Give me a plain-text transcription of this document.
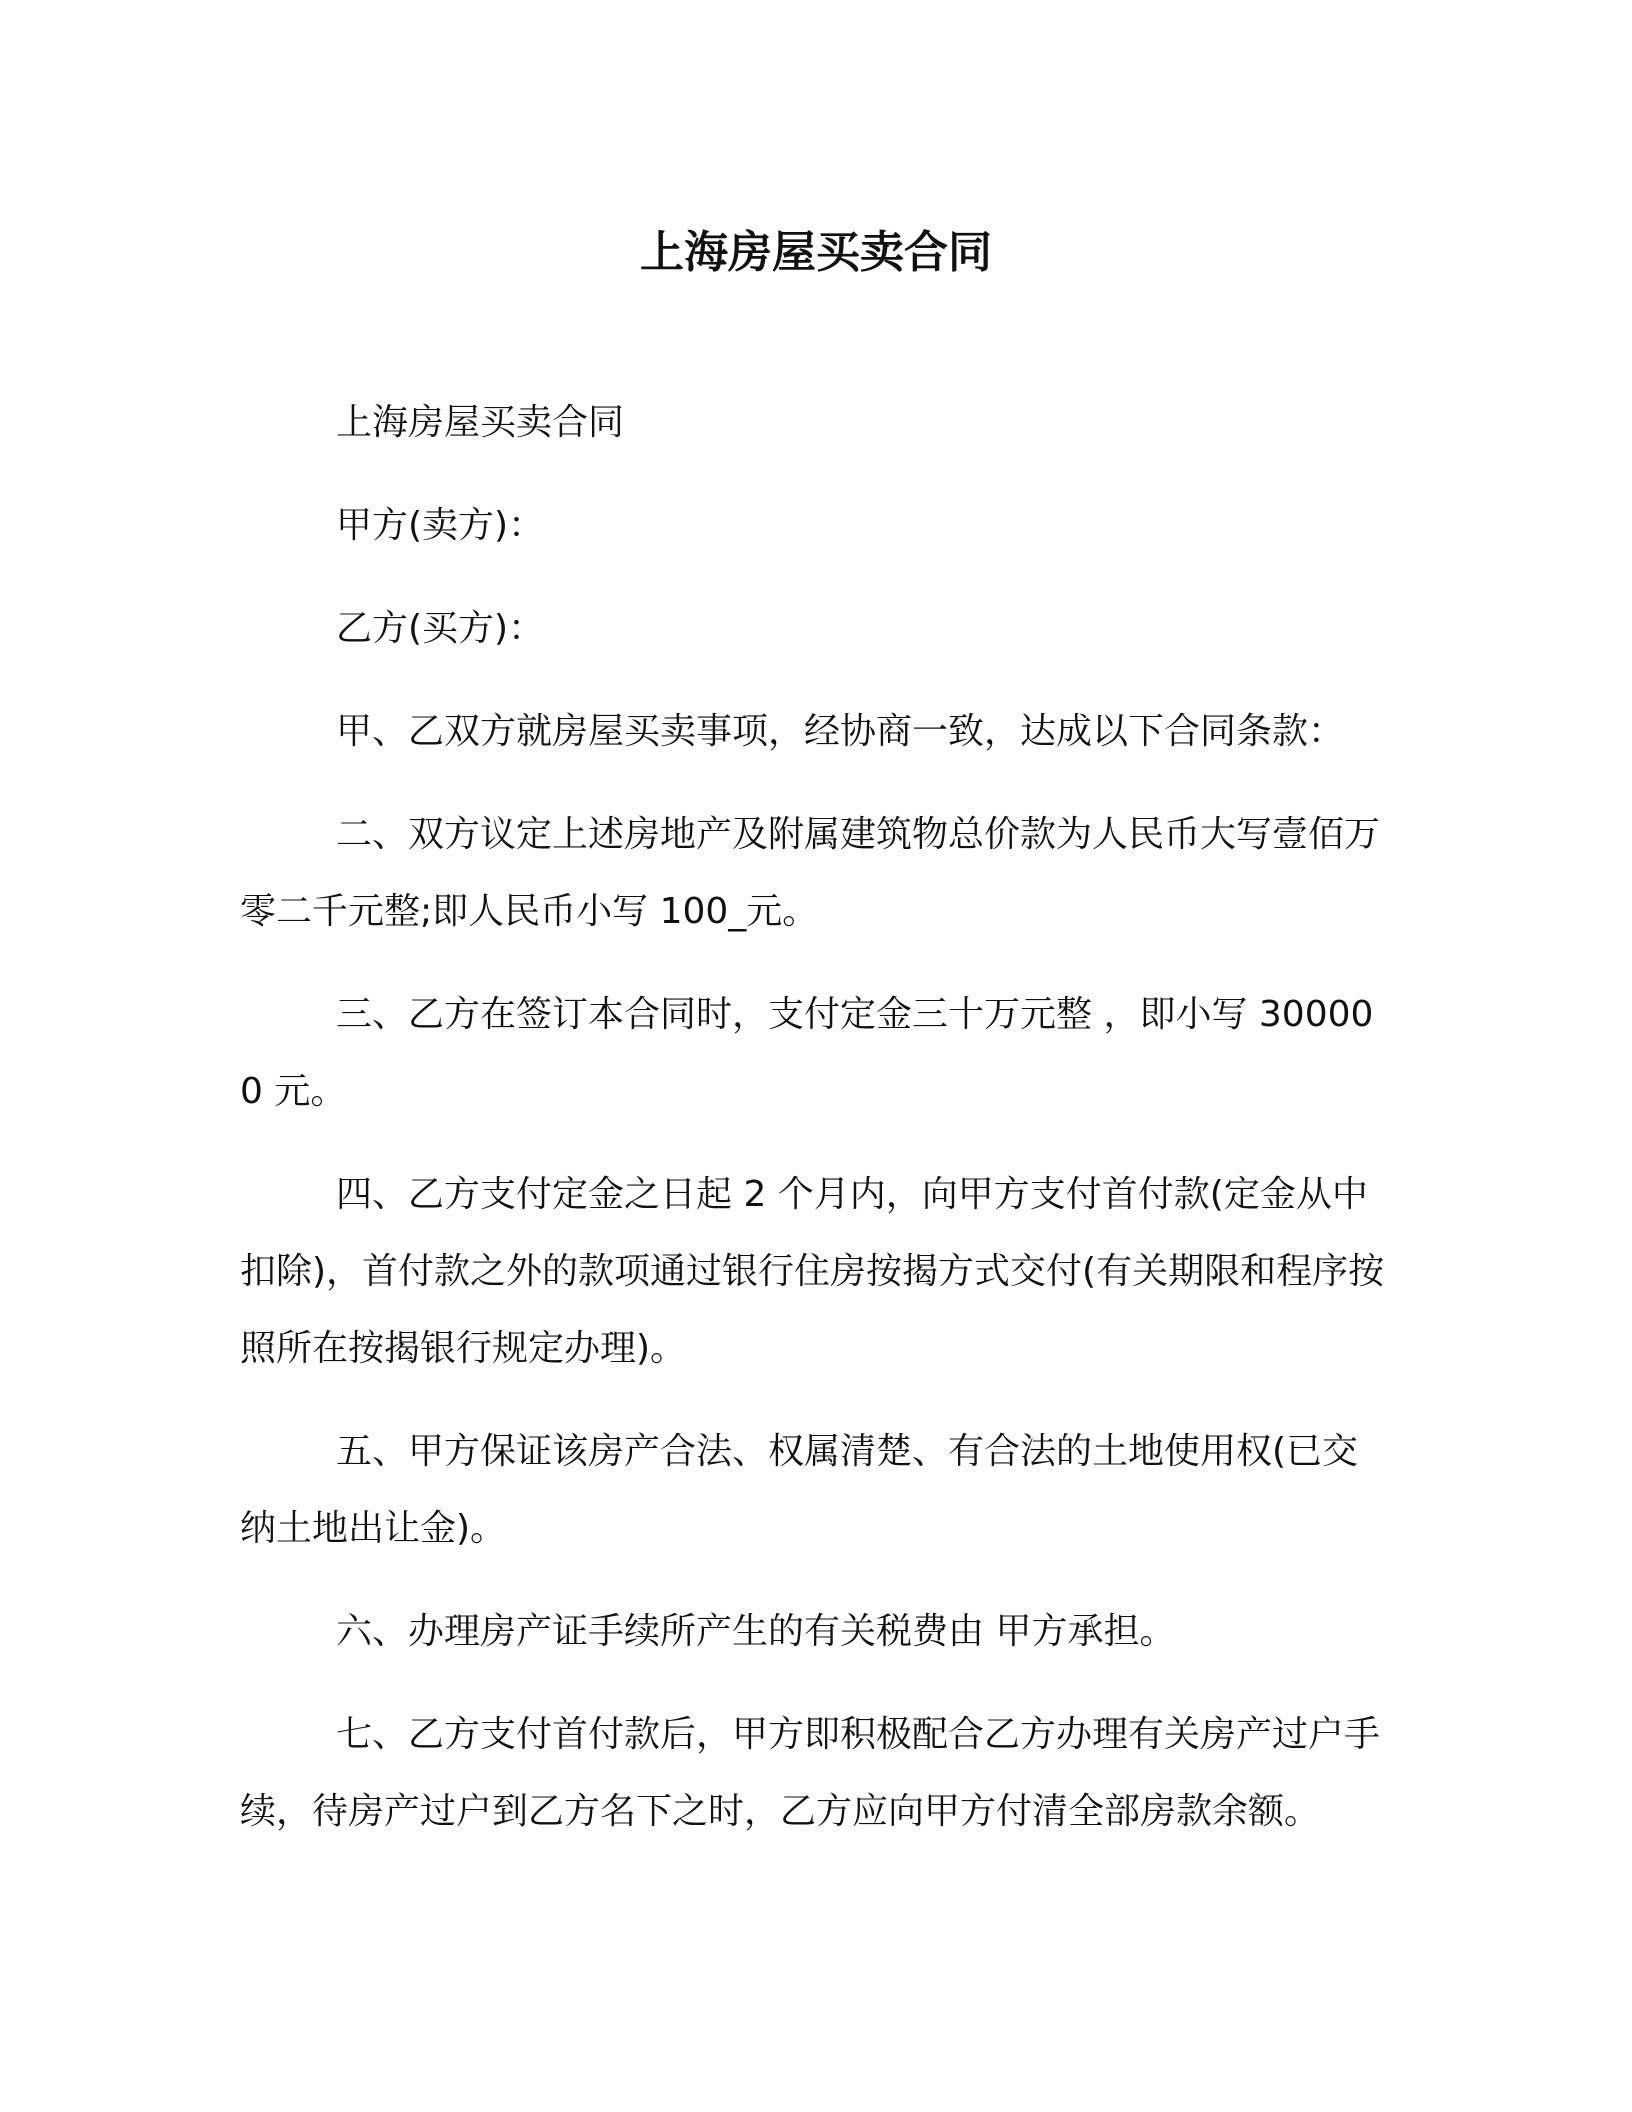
上海房屋买卖合同

上海房屋买卖合同

甲方(卖方)：

乙方(买方)：

甲、乙双方就房屋买卖事项，经协商一致，达成以下合同条款：

二、双方议定上述房地产及附属建筑物总价款为人民币大写壹佰万零二千元整;即人民币小写 100_元。

三、乙方在签订本合同时，支付定金三十万元整 ，即小写 300000 元。

四、乙方支付定金之日起 2 个月内，向甲方支付首付款(定金从中扣除)，首付款之外的款项通过银行住房按揭方式交付(有关期限和程序按照所在按揭银行规定办理)。

五、甲方保证该房产合法、权属清楚、有合法的土地使用权(已交纳土地出让金)。

六、办理房产证手续所产生的有关税费由 甲方承担。

七、乙方支付首付款后，甲方即积极配合乙方办理有关房产过户手续，待房产过户到乙方名下之时，乙方应向甲方付清全部房款余额。
